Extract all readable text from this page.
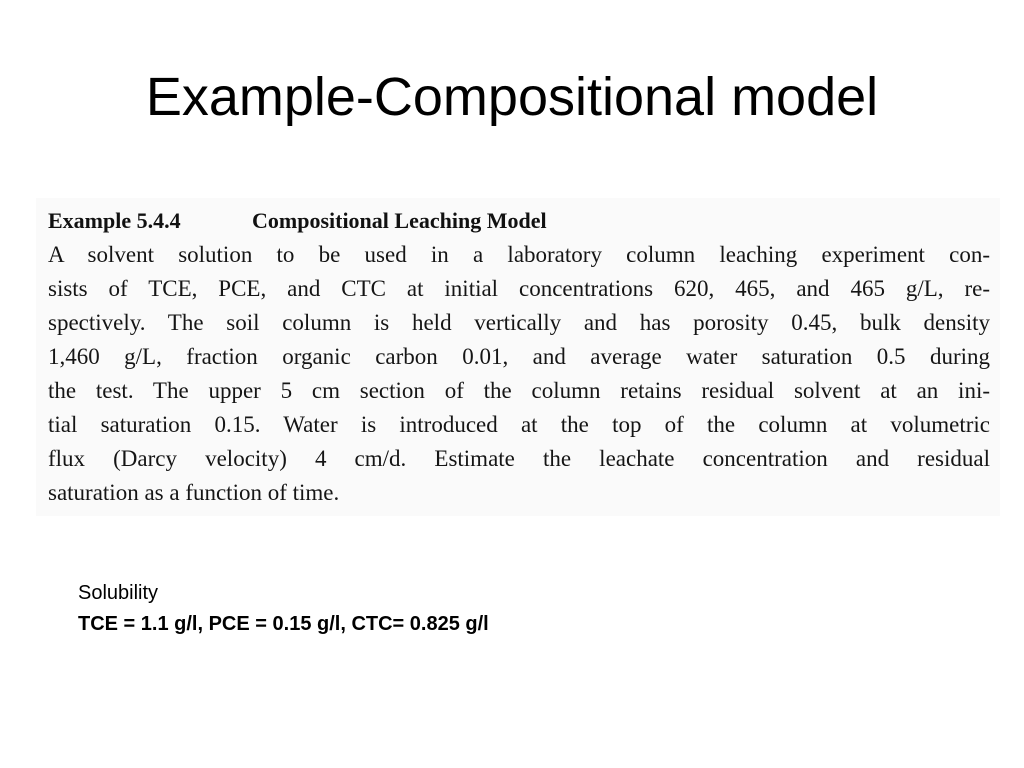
Example-Compositional model
Example 5.4.4	Compositional Leaching Model
A solvent solution to be used in a laboratory column leaching experiment con-
sists of TCE, PCE, and CTC at initial concentrations 620, 465, and 465 g/L, re-
spectively. The soil column is held vertically and has porosity 0.45, bulk density
1,460 g/L, fraction organic carbon 0.01, and average water saturation 0.5 during
the test. The upper 5 cm section of the column retains residual solvent at an ini-
tial saturation 0.15. Water is introduced at the top of the column at volumetric
flux (Darcy velocity) 4 cm/d. Estimate the leachate concentration and residual
saturation as a function of time.
Solubility
TCE = 1.1 g/l, PCE = 0.15 g/l, CTC= 0.825 g/l
